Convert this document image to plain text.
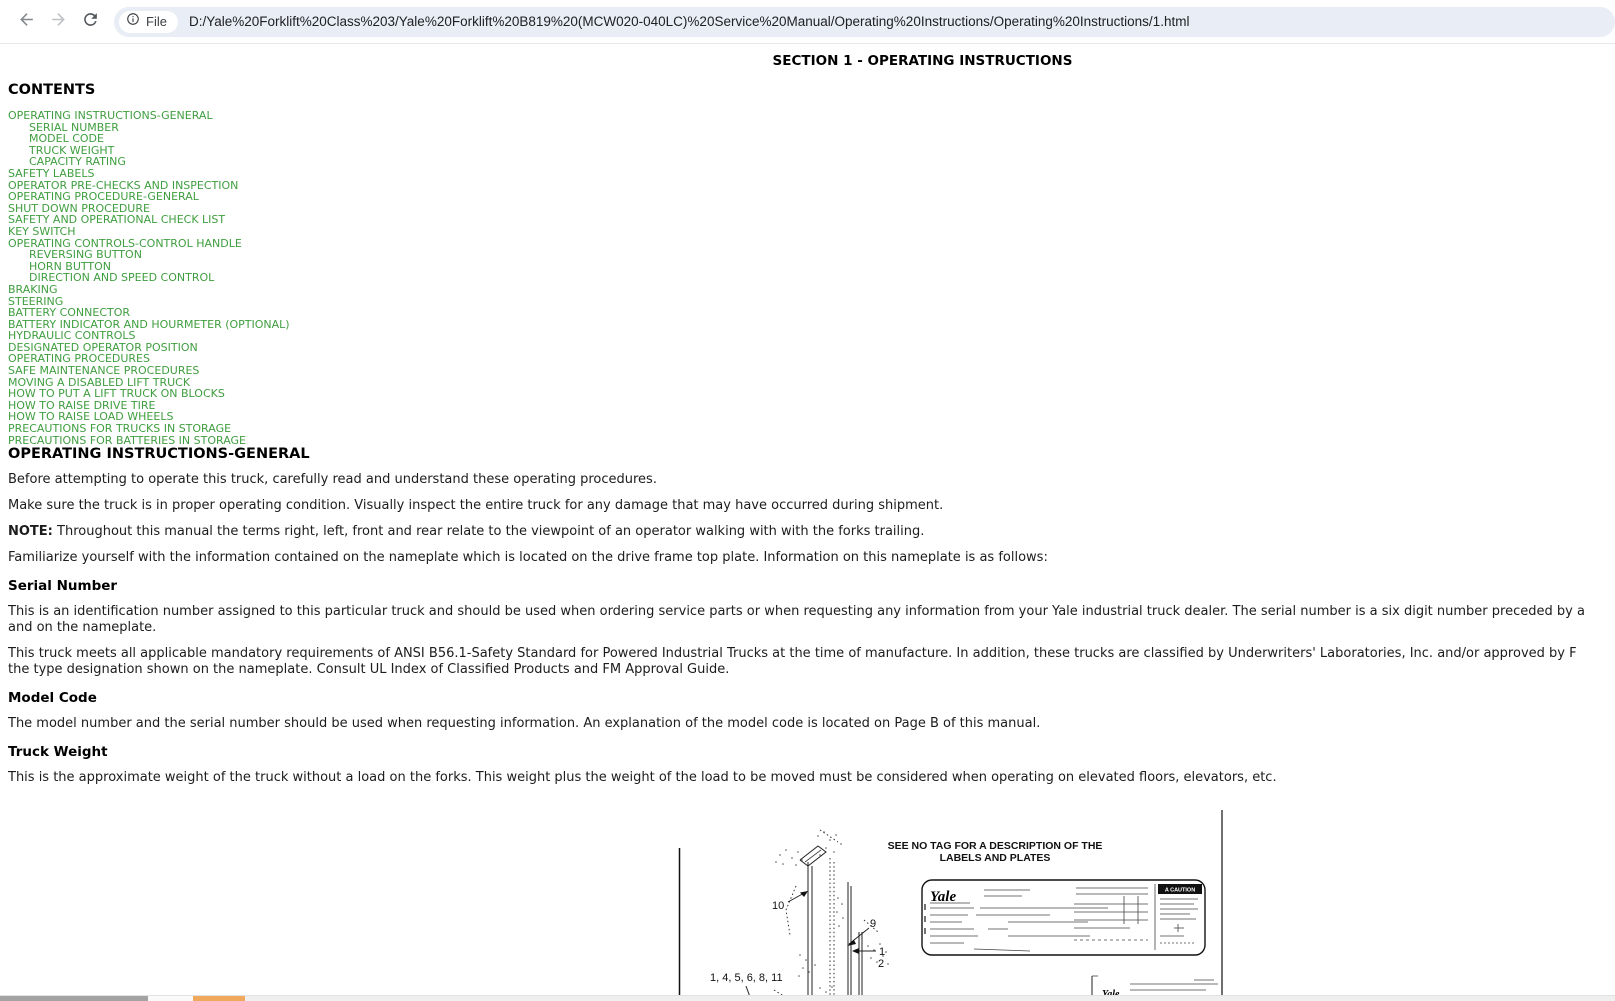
File D:/Yale%20Forklift%20Class%203/Yale%20Forklift%20B819%20(MCW020-040LC)%20Service%20Manual/Operating%20Instructions/Operating%20Instructions/1.html
SECTION 1 - OPERATING INSTRUCTIONS
CONTENTS
OPERATING INSTRUCTIONS-GENERAL
SERIAL NUMBER
MODEL CODE
TRUCK WEIGHT
CAPACITY RATING
SAFETY LABELS
OPERATOR PRE-CHECKS AND INSPECTION
OPERATING PROCEDURE-GENERAL
SHUT DOWN PROCEDURE
SAFETY AND OPERATIONAL CHECK LIST
KEY SWITCH
OPERATING CONTROLS-CONTROL HANDLE
REVERSING BUTTON
HORN BUTTON
DIRECTION AND SPEED CONTROL
BRAKING
STEERING
BATTERY CONNECTOR
BATTERY INDICATOR AND HOURMETER (OPTIONAL)
HYDRAULIC CONTROLS
DESIGNATED OPERATOR POSITION
OPERATING PROCEDURES
SAFE MAINTENANCE PROCEDURES
MOVING A DISABLED LIFT TRUCK
HOW TO PUT A LIFT TRUCK ON BLOCKS
HOW TO RAISE DRIVE TIRE
HOW TO RAISE LOAD WHEELS
PRECAUTIONS FOR TRUCKS IN STORAGE
PRECAUTIONS FOR BATTERIES IN STORAGE
OPERATING INSTRUCTIONS-GENERAL
Before attempting to operate this truck, carefully read and understand these operating procedures.
Make sure the truck is in proper operating condition. Visually inspect the entire truck for any damage that may have occurred during shipment.
NOTE: Throughout this manual the terms right, left, front and rear relate to the viewpoint of an operator walking with with the forks trailing.
Familiarize yourself with the information contained on the nameplate which is located on the drive frame top plate. Information on this nameplate is as follows:
Serial Number
This is an identification number assigned to this particular truck and should be used when ordering service parts or when requesting any information from your Yale industrial truck dealer. The serial number is a six digit number preceded by a
and on the nameplate.
This truck meets all applicable mandatory requirements of ANSI B56.1-Safety Standard for Powered Industrial Trucks at the time of manufacture. In addition, these trucks are classified by Underwriters' Laboratories, Inc. and/or approved by F
the type designation shown on the nameplate. Consult UL Index of Classified Products and FM Approval Guide.
Model Code
The model number and the serial number should be used when requesting information. An explanation of the model code is located on Page B of this manual.
Truck Weight
This is the approximate weight of the truck without a load on the forks. This weight plus the weight of the load to be moved must be considered when operating on elevated floors, elevators, etc.
SEE NO TAG FOR A DESCRIPTION OF THE
LABELS AND PLATES
10
9
1
2
1, 4, 5, 6, 8, 11
Yale	A CAUTION
